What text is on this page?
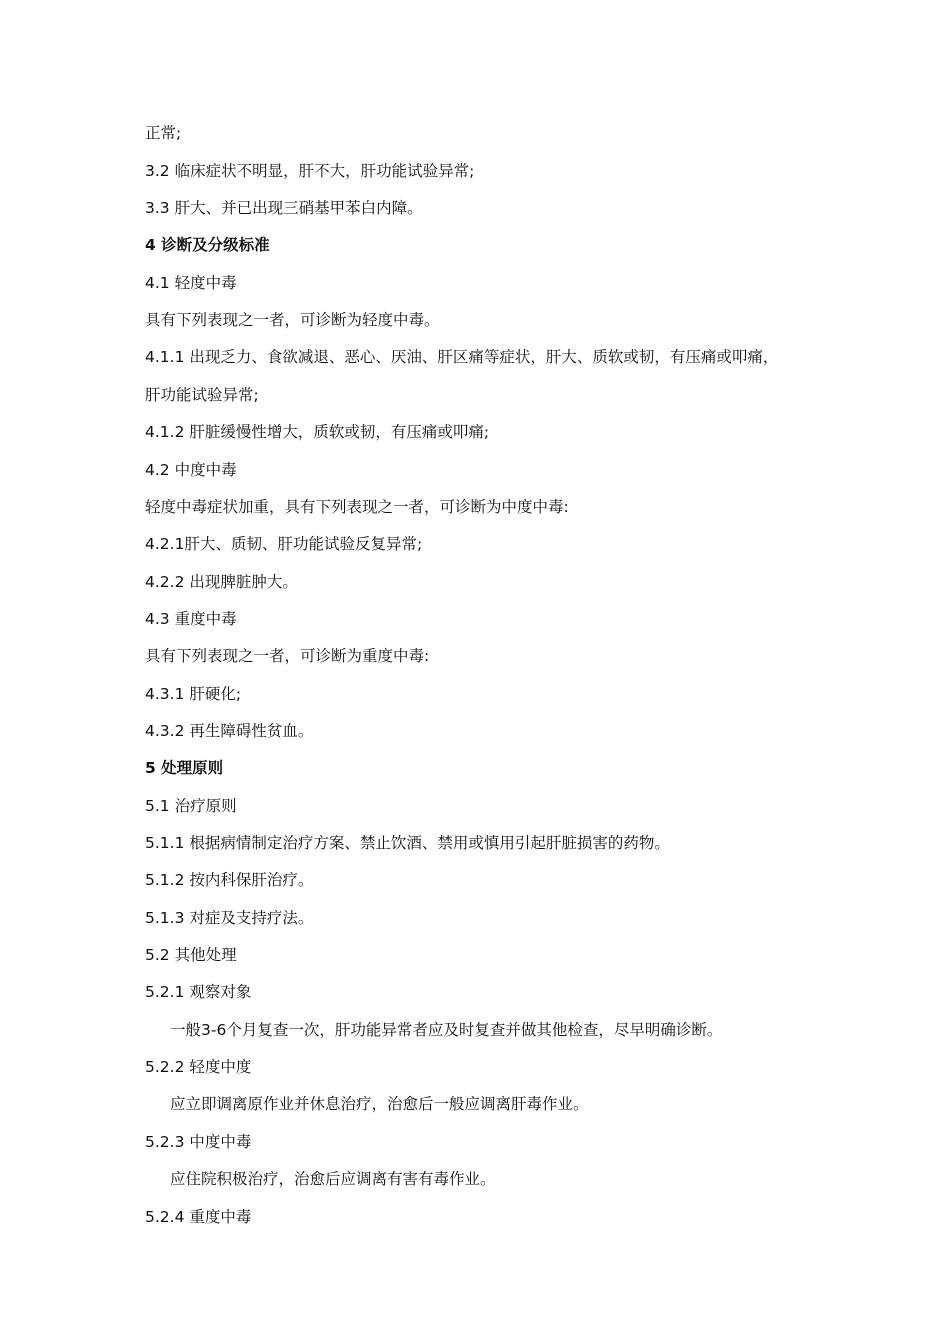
正常;
3.2 临床症状不明显，肝不大，肝功能试验异常;
3.3 肝大、并已出现三硝基甲苯白内障。
4 诊断及分级标准
4.1 轻度中毒
具有下列表现之一者，可诊断为轻度中毒。
4.1.1 出现乏力、食欲减退、恶心、厌油、肝区痛等症状，肝大、质软或韧，有压痛或叩痛，
肝功能试验异常;
4.1.2 肝脏缓慢性增大，质软或韧，有压痛或叩痛;
4.2 中度中毒
轻度中毒症状加重，具有下列表现之一者，可诊断为中度中毒:
4.2.1肝大、质韧、肝功能试验反复异常;
4.2.2 出现脾脏肿大。
4.3 重度中毒
具有下列表现之一者，可诊断为重度中毒:
4.3.1 肝硬化;
4.3.2 再生障碍性贫血。
5 处理原则
5.1 治疗原则
5.1.1 根据病情制定治疗方案、禁止饮酒、禁用或慎用引起肝脏损害的药物。
5.1.2 按内科保肝治疗。
5.1.3 对症及支持疗法。
5.2 其他处理
5.2.1 观察对象
一般3-6个月复查一次，肝功能异常者应及时复查并做其他检查，尽早明确诊断。
5.2.2 轻度中度
应立即调离原作业并休息治疗，治愈后一般应调离肝毒作业。
5.2.3 中度中毒
应住院积极治疗，治愈后应调离有害有毒作业。
5.2.4 重度中毒
